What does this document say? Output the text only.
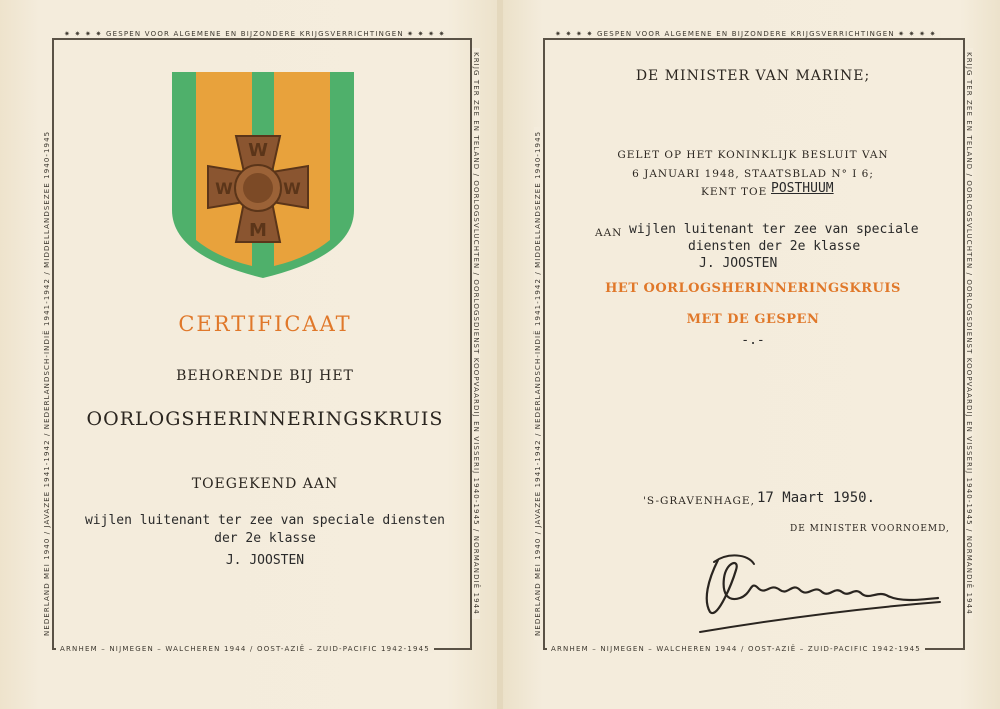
✷ ✷ ✷ ✷ GESPEN VOOR ALGEMENE EN BIJZONDERE KRIJGSVERRICHTINGEN ✷ ✷ ✷ ✷
ARNHEM – NIJMEGEN – WALCHEREN 1944 / OOST-AZIË – ZUID-PACIFIC 1942-1945
NEDERLAND MEI 1940 / JAVAZEE 1941-1942 / NEDERLANDSCH-INDIË 1941-1942 / MIDDELLANDSEZEE 1940-1945	KRIJG TER ZEE EN TELAND / OORLOGSVLUCHTEN / OORLOGSDIENST KOOPVAARDIJ EN VISSERIJ 1940-1945 / NORMANDIË 1944
W
M
W	W
CERTIFICAAT
BEHORENDE BIJ HET
OORLOGSHERINNERINGSKRUIS
TOEGEKEND AAN
wijlen luitenant ter zee van speciale diensten
der 2e klasse
J. JOOSTEN
✷ ✷ ✷ ✷ GESPEN VOOR ALGEMENE EN BIJZONDERE KRIJGSVERRICHTINGEN ✷ ✷ ✷ ✷
ARNHEM – NIJMEGEN – WALCHEREN 1944 / OOST-AZIË – ZUID-PACIFIC 1942-1945
NEDERLAND MEI 1940 / JAVAZEE 1941-1942 / NEDERLANDSCH-INDIË 1941-1942 / MIDDELLANDSEZEE 1940-1945	KRIJG TER ZEE EN TELAND / OORLOGSVLUCHTEN / OORLOGSDIENST KOOPVAARDIJ EN VISSERIJ 1940-1945 / NORMANDIË 1944
DE MINISTER VAN MARINE;
GELET OP HET KONINKLIJK BESLUIT VAN
6 JANUARI 1948, STAATSBLAD N° I 6;
KENT TOE POSTHUUM
AAN wijlen luitenant ter zee van speciale
diensten der 2e klasse
J. JOOSTEN
HET OORLOGSHERINNERINGSKRUIS
MET DE GESPEN
-.-
'S-GRAVENHAGE, 17 Maart 1950.
DE MINISTER VOORNOEMD,
